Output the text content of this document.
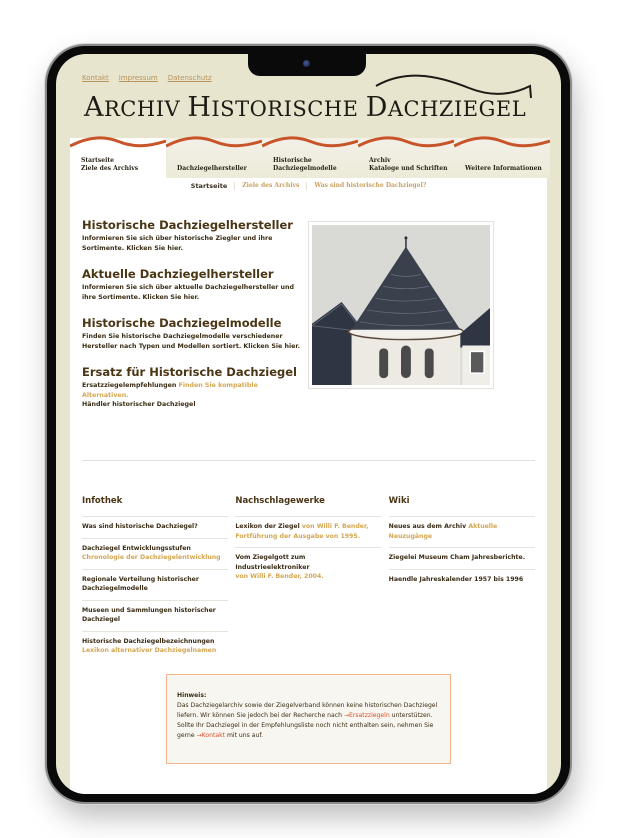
Kontakt Impressum Datenschutz
ARCHIV HISTORISCHE DACHZIEGEL
Startseite
Ziele des Archivs	Dachziegelhersteller
Historische
Dachziegelmodelle
Archiv
Kataloge und Schriften	Weitere Informationen
Startseite	Ziele des Archivs	Was sind historische Dachziegel?
Historische Dachziegelhersteller

Informieren Sie sich über historische Ziegler und ihre Sortimente. Klicken Sie hier.

Aktuelle Dachziegelhersteller

Informieren Sie sich über aktuelle Dachziegelhersteller und ihre Sortimente. Klicken Sie hier.

Historische Dachziegelmodelle

Finden Sie historische Dachziegelmodelle verschiedener Hersteller nach Typen und Modellen sortiert. Klicken Sie hier.

Ersatz für Historische Dachziegel

Ersatzziegelempfehlungen Finden Sie kompatible Alternativen.
Händler historischer Dachziegel

Infothek
Was sind historische Dachziegel?
Dachziegel Entwicklungsstufen
Chronologie der Dachziegelentwicklung
Regionale Verteilung historischer Dachziegelmodelle
Museen und Sammlungen historischer Dachziegel
Historische Dachziegelbezeichnungen
Lexikon alternativer Dachziegelnamen
Nachschlagewerke
Lexikon der Ziegel von Willi F. Bender, Fortführung der Ausgabe von 1995.
Vom Ziegelgott zum Industrieelektroniker
von Willi F. Bender, 2004.
Wiki
Neues aus dem Archiv Aktuelle Neuzugänge
Ziegelei Museum Cham Jahresberichte.
Haendle Jahreskalender 1957 bis 1996
Hinweis:
Das Dachziegelarchiv sowie der Ziegelverband können keine historischen Dachziegel liefern. Wir können Sie jedoch bei der Recherche nach →Ersatzziegeln unterstützen. Sollte Ihr Dachziegel in der Empfehlungsliste noch nicht enthalten sein, nehmen Sie gerne →Kontakt mit uns auf.
